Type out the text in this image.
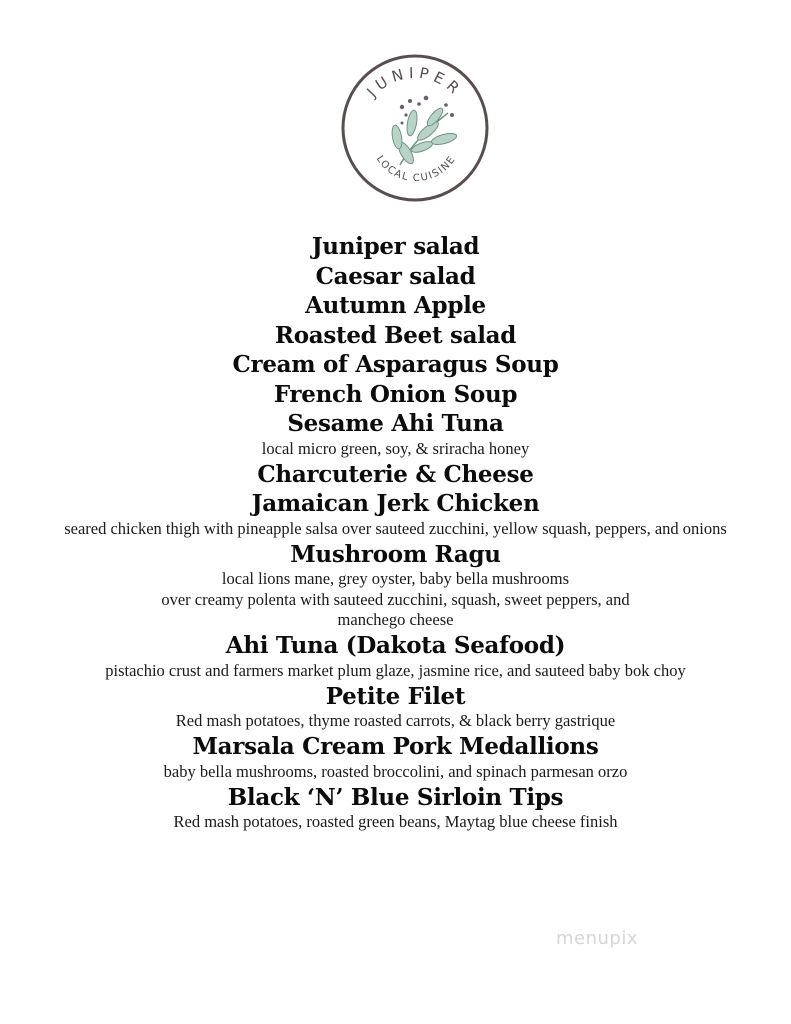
JUNIPER
LOCAL CUISINE
Juniper salad
Caesar salad
Autumn Apple
Roasted Beet salad
Cream of Asparagus Soup
French Onion Soup
Sesame Ahi Tuna
local micro green, soy, & sriracha honey
Charcuterie & Cheese
Jamaican Jerk Chicken
seared chicken thigh with pineapple salsa over sauteed zucchini, yellow squash, peppers, and onions
Mushroom Ragu
local lions mane, grey oyster, baby bella mushrooms
over creamy polenta with sauteed zucchini, squash, sweet peppers, and manchego cheese
Ahi Tuna (Dakota Seafood)
pistachio crust and farmers market plum glaze, jasmine rice, and sauteed baby bok choy
Petite Filet
Red mash potatoes, thyme roasted carrots, & black berry gastrique
Marsala Cream Pork Medallions
baby bella mushrooms, roasted broccolini, and spinach parmesan orzo
Black ‘N’ Blue Sirloin Tips
Red mash potatoes, roasted green beans, Maytag blue cheese finish
menupix
